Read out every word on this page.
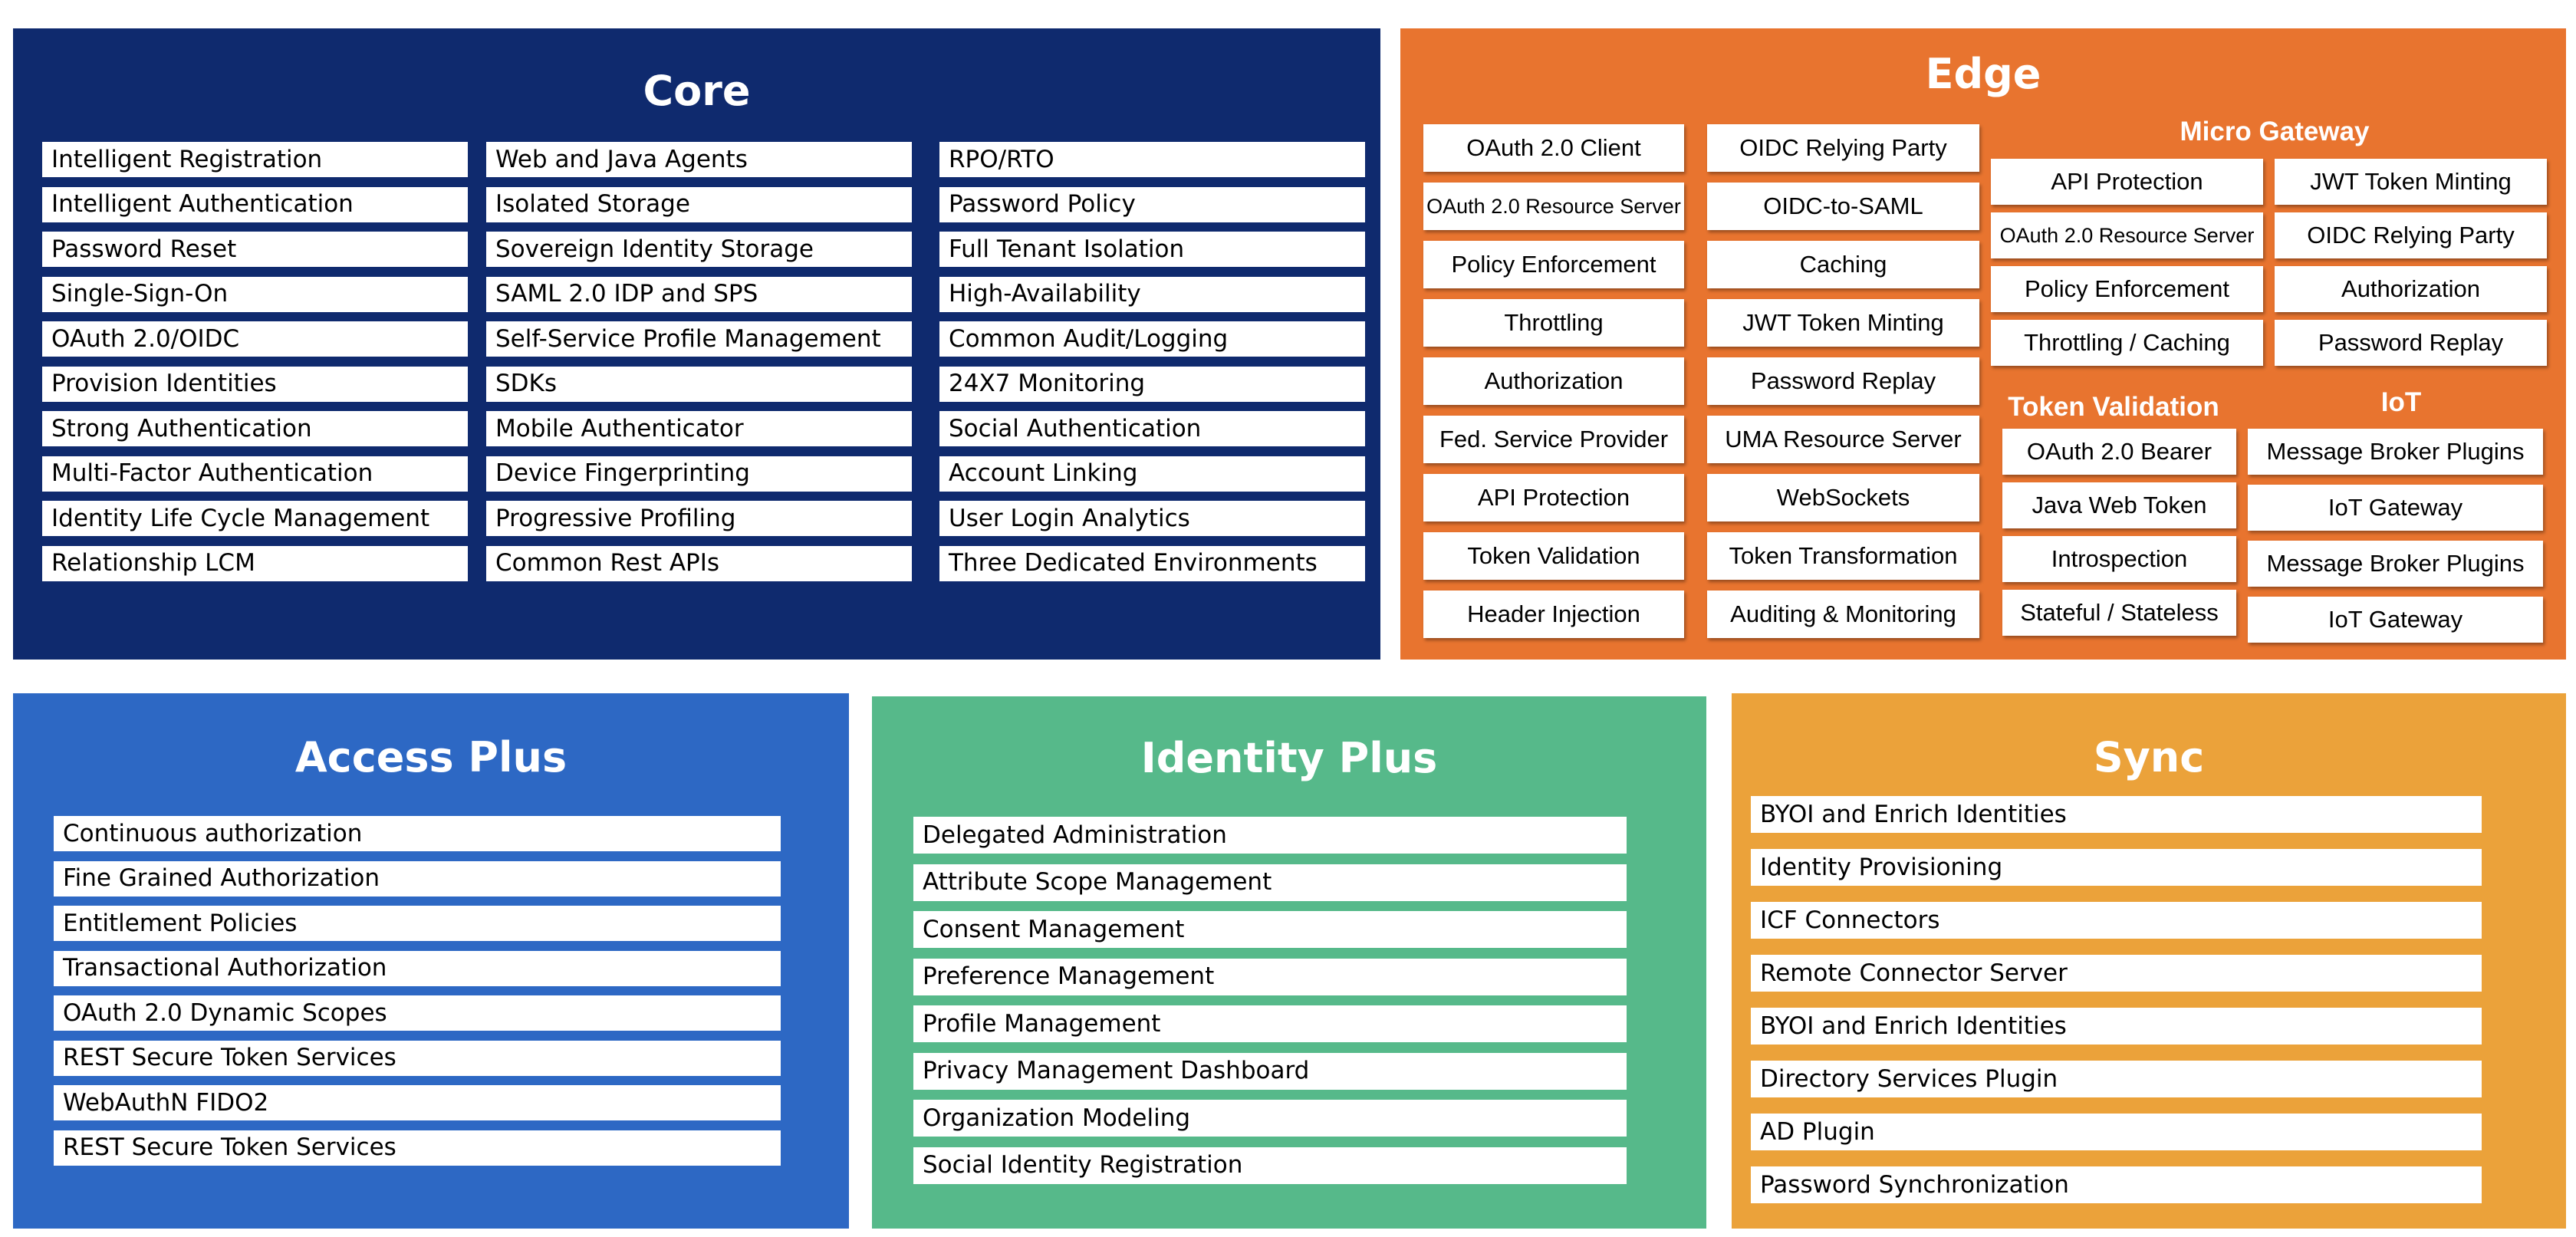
Core
Intelligent Registration
Intelligent Authentication
Password Reset
Single-Sign-On
OAuth 2.0/OIDC
Provision Identities
Strong Authentication
Multi-Factor Authentication
Identity Life Cycle Management
Relationship LCM
Web and Java Agents
Isolated Storage
Sovereign Identity Storage
SAML 2.0 IDP and SPS
Self-Service Profile Management
SDKs
Mobile Authenticator
Device Fingerprinting
Progressive Profiling
Common Rest APIs
RPO/RTO
Password Policy
Full Tenant Isolation
High-Availability
Common Audit/Logging
24X7 Monitoring
Social Authentication
Account Linking
User Login Analytics
Three Dedicated Environments
Edge
Micro Gateway
Token Validation	IoT
OAuth 2.0 Client
OAuth 2.0 Resource Server
Policy Enforcement
Throttling
Authorization
Fed. Service Provider
API Protection
Token Validation
Header Injection
OIDC Relying Party
OIDC-to-SAML
Caching
JWT Token Minting
Password Replay
UMA Resource Server
WebSockets
Token Transformation
Auditing & Monitoring
API Protection
OAuth 2.0 Resource Server
Policy Enforcement
Throttling / Caching
JWT Token Minting
OIDC Relying Party
Authorization
Password Replay
OAuth 2.0 Bearer
Java Web Token
Introspection
Stateful / Stateless
Message Broker Plugins
IoT Gateway
Message Broker Plugins
IoT Gateway
Access Plus
Continuous authorization
Fine Grained Authorization
Entitlement Policies
Transactional Authorization
OAuth 2.0 Dynamic Scopes
REST Secure Token Services
WebAuthN FIDO2
REST Secure Token Services
Identity Plus
Delegated Administration
Attribute Scope Management
Consent Management
Preference Management
Profile Management
Privacy Management Dashboard
Organization Modeling
Social Identity Registration
Sync
BYOI and Enrich Identities
Identity Provisioning
ICF Connectors
Remote Connector Server
BYOI and Enrich Identities
Directory Services Plugin
AD Plugin
Password Synchronization
